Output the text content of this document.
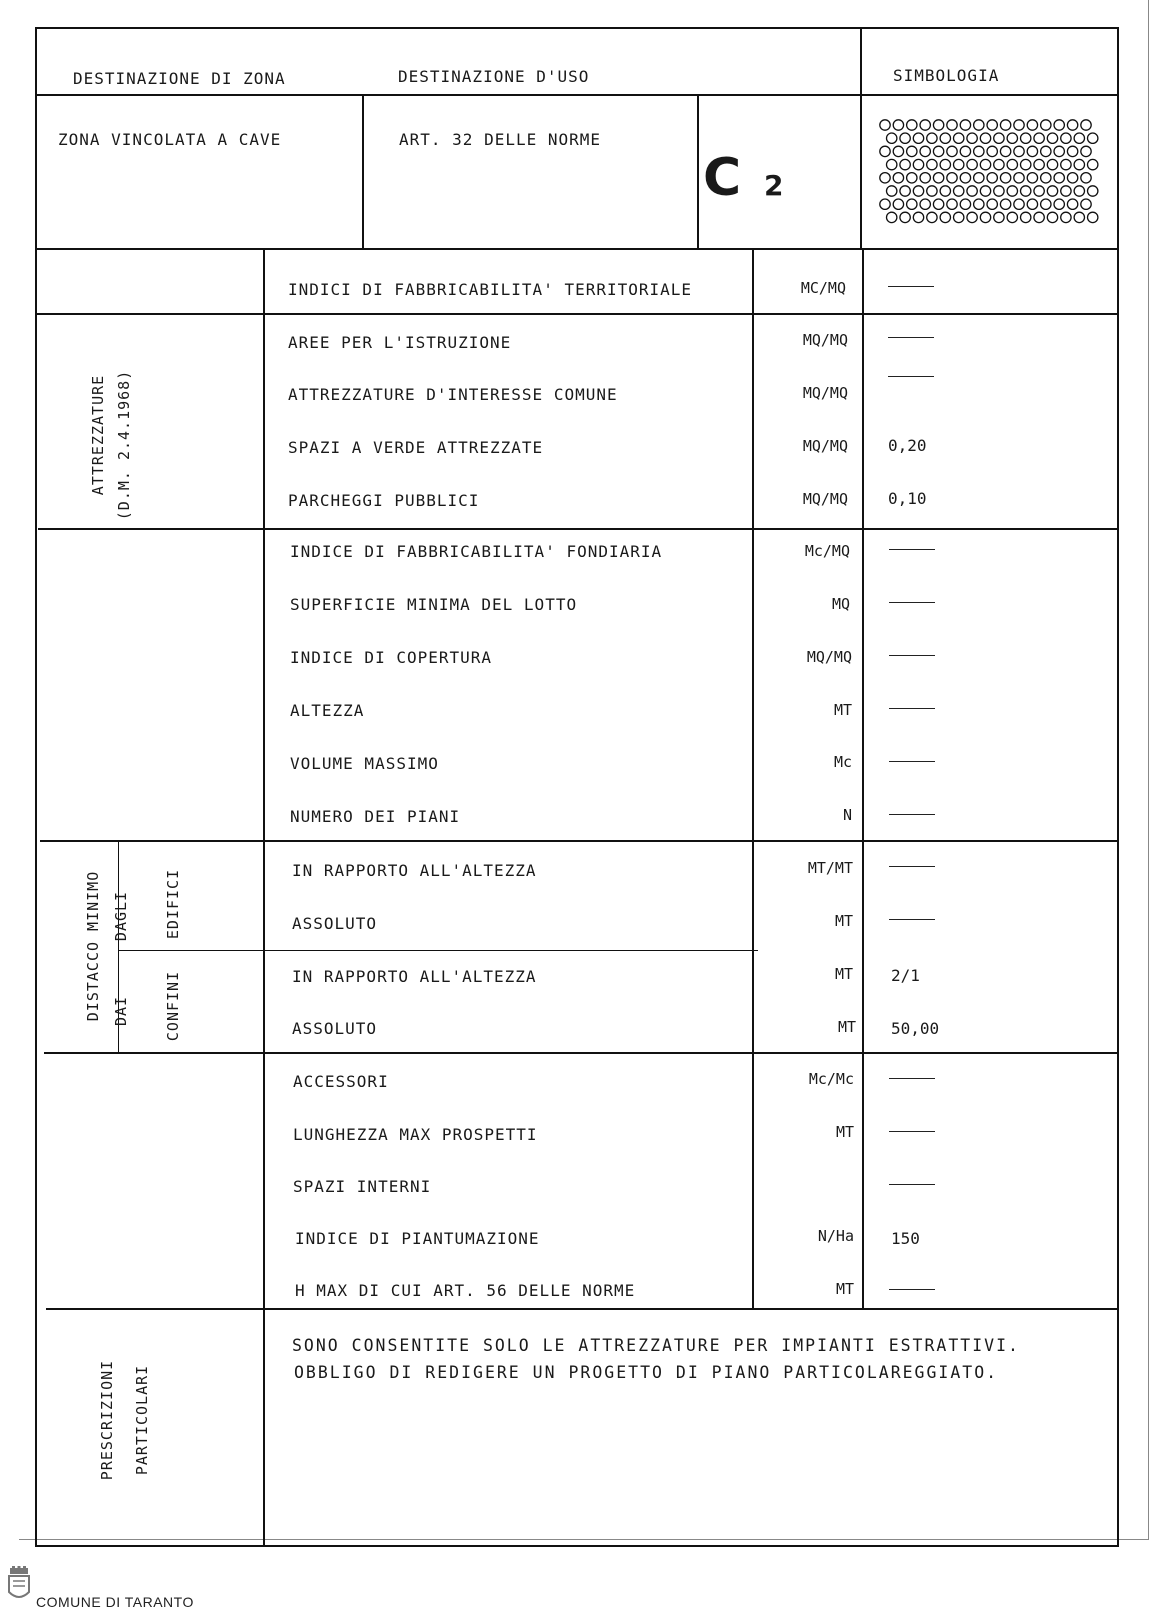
DESTINAZIONE DI ZONA	DESTINAZIONE D'USO	SIMBOLOGIA
ZONA VINCOLATA A CAVE	ART. 32 DELLE NORME
C 2
INDICI DI FABBRICABILITA' TERRITORIALE	MC/MQ
ATTREZZATURE (D.M. 2.4.1968)
AREE PER L'ISTRUZIONE	MQ/MQ
ATTREZZATURE D'INTERESSE COMUNE	MQ/MQ
SPAZI A VERDE ATTREZZATE	MQ/MQ	0,20
PARCHEGGI PUBBLICI	MQ/MQ	0,10
INDICE DI FABBRICABILITA' FONDIARIA	Mc/MQ
SUPERFICIE MINIMA DEL LOTTO	MQ
INDICE DI COPERTURA	MQ/MQ
ALTEZZA	MT
VOLUME MASSIMO	Mc
NUMERO DEI PIANI	N
DISTACCO MINIMO DAGLI EDIFICI
DAI CONFINI
IN RAPPORTO ALL'ALTEZZA	MT/MT
ASSOLUTO	MT
IN RAPPORTO ALL'ALTEZZA	MT 2/1
ASSOLUTO	MT 50,00
ACCESSORI	Mc/Mc
LUNGHEZZA MAX PROSPETTI	MT
SPAZI INTERNI
INDICE DI PIANTUMAZIONE	N/Ha 150
H MAX DI CUI ART. 56 DELLE NORME	MT
PRESCRIZIONI PARTICOLARI
SONO CONSENTITE SOLO LE ATTREZZATURE PER IMPIANTI ESTRATTIVI.
OBBLIGO DI REDIGERE UN PROGETTO DI PIANO PARTICOLAREGGIATO.
COMUNE DI TARANTO
